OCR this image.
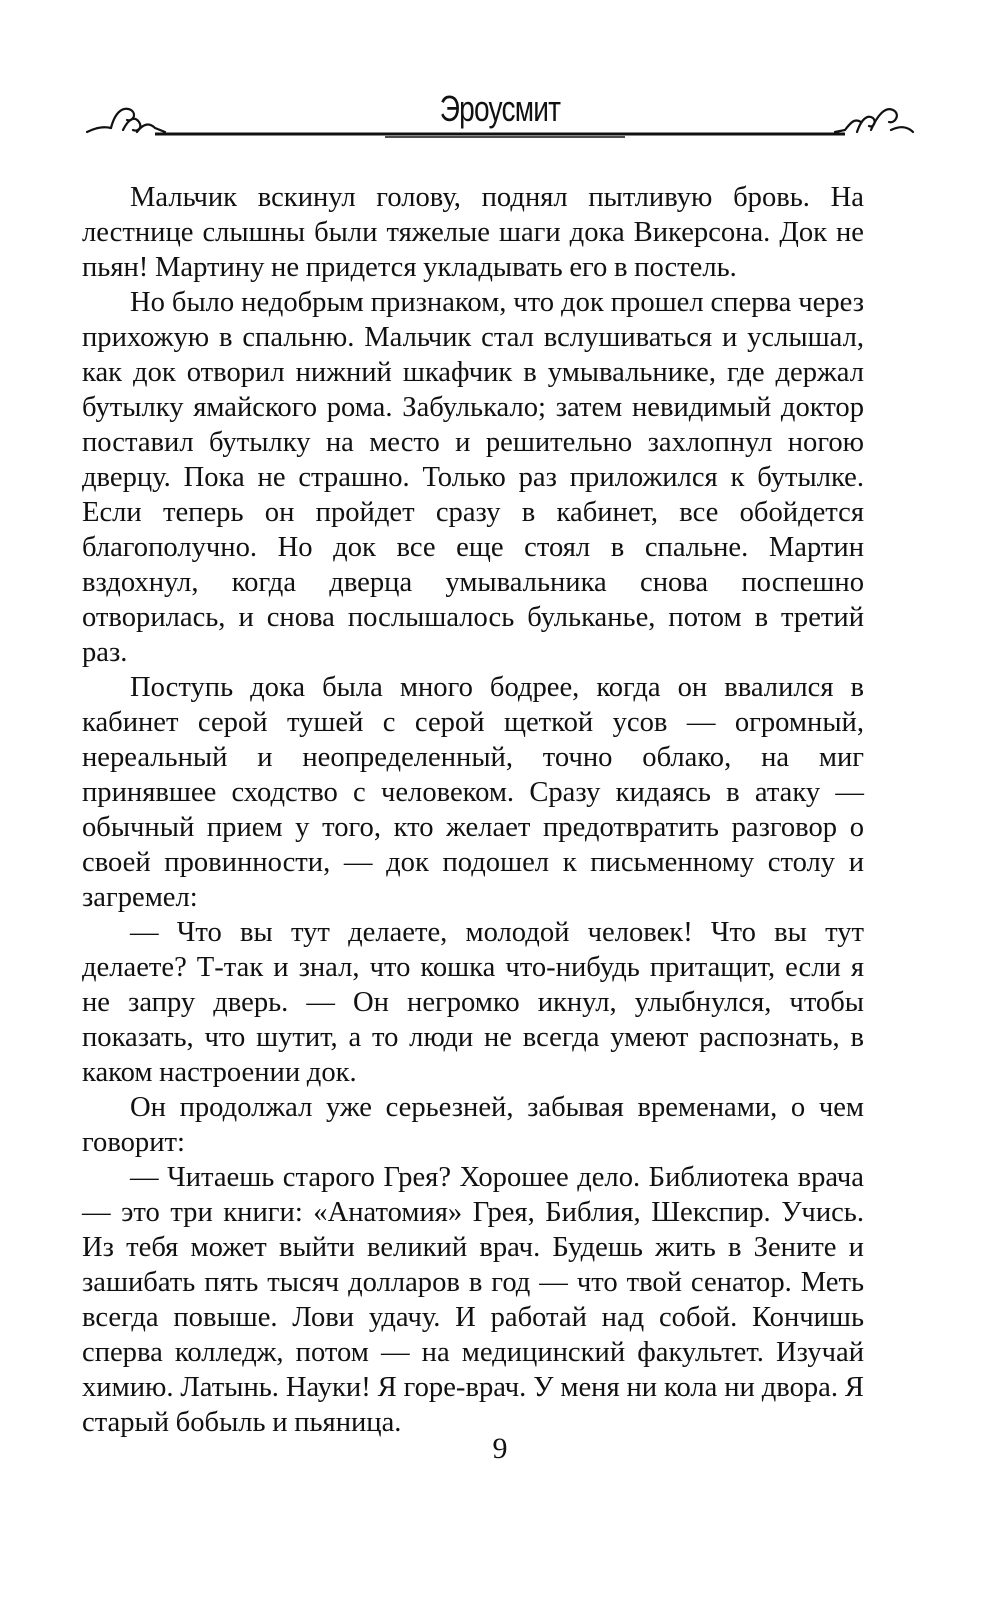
Эроусмит

Мальчик вскинул голову, поднял пытливую бровь. На лестнице слышны были тяжелые шаги дока Викерсона. Док не пьян! Мартину не придется укладывать его в постель.

Но было недобрым признаком, что док прошел сперва через прихожую в спальню. Мальчик стал вслушиваться и услышал, как док отворил нижний шкафчик в умывальнике, где держал бутылку ямайского рома. Забулькало; затем невидимый доктор поставил бутылку на место и решительно захлопнул ногою дверцу. Пока не страшно. Только раз приложился к бутылке. Если теперь он пройдет сразу в кабинет, все обойдется благополучно. Но док все еще стоял в спальне. Мартин вздохнул, когда дверца умывальника снова поспешно отворилась, и снова послышалось бульканье, потом в третий раз.

Поступь дока была много бодрее, когда он ввалился в кабинет серой тушей с серой щеткой усов — огромный, нереальный и неопределенный, точно облако, на миг принявшее сходство с человеком. Сразу кидаясь в атаку — обычный прием у того, кто желает предотвратить разговор о своей провинности, — док подошел к письменному столу и загремел:

— Что вы тут делаете, молодой человек! Что вы тут делаете? Т-так и знал, что кошка что-нибудь притащит, если я не запру дверь. — Он негромко икнул, улыбнулся, чтобы показать, что шутит, а то люди не всегда умеют распознать, в каком настроении док.

Он продолжал уже серьезней, забывая временами, о чем говорит:

— Читаешь старого Грея? Хорошее дело. Библиотека врача — это три книги: «Анатомия» Грея, Библия, Шекспир. Учись. Из тебя может выйти великий врач. Будешь жить в Зените и зашибать пять тысяч долларов в год — что твой сенатор. Меть всегда повыше. Лови удачу. И работай над собой. Кончишь сперва колледж, потом — на медицинский факультет. Изучай химию. Латынь. Науки! Я горе-врач. У меня ни кола ни двора. Я старый бобыль и пьяница.

9
